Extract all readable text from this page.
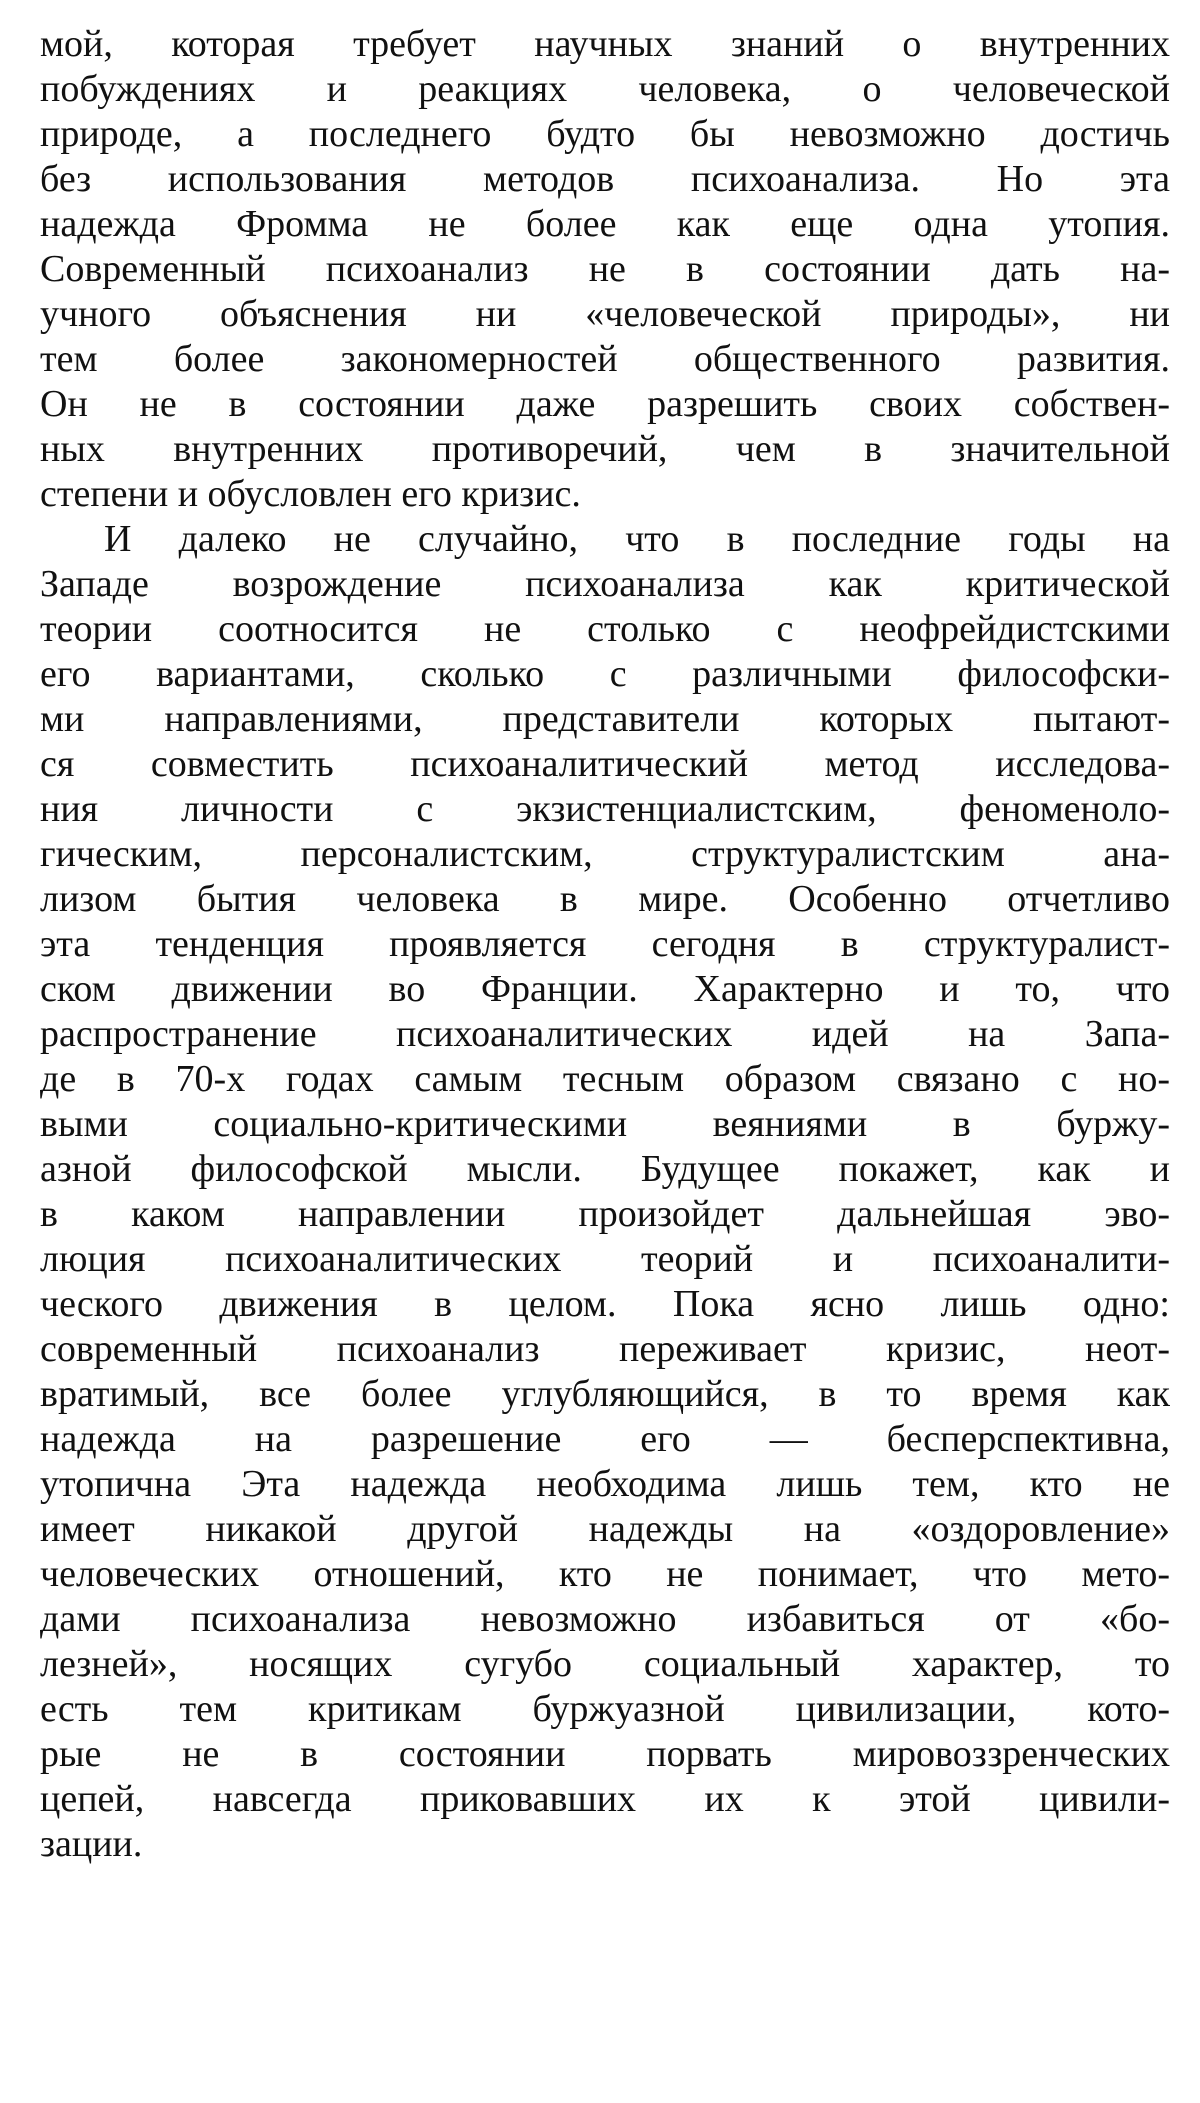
мой, которая требует научных знаний о внутренних
побуждениях и реакциях человека, о человеческой
природе, а последнего будто бы невозможно достичь
без использования методов психоанализа. Но эта
надежда Фромма не более как еще одна утопия.
Современный психоанализ не в состоянии дать на-
учного объяснения ни «человеческой природы», ни
тем более закономерностей общественного развития.
Он не в состоянии даже разрешить своих собствен-
ных внутренних противоречий, чем в значительной
степени и обусловлен его кризис.
И далеко не случайно, что в последние годы на
Западе возрождение психоанализа как критической
теории соотносится не столько с неофрейдистскими
его вариантами, сколько с различными философски-
ми направлениями, представители которых пытают-
ся совместить психоаналитический метод исследова-
ния личности с экзистенциалистским, феноменоло-
гическим, персоналистским, структуралистским ана-
лизом бытия человека в мире. Особенно отчетливо
эта тенденция проявляется сегодня в структуралист-
ском движении во Франции. Характерно и то, что
распространение психоаналитических идей на Запа-
де в 70-х годах самым тесным образом связано с но-
выми социально-критическими веяниями в буржу-
азной философской мысли. Будущее покажет, как и
в каком направлении произойдет дальнейшая эво-
люция психоаналитических теорий и психоаналити-
ческого движения в целом. Пока ясно лишь одно:
современный психоанализ переживает кризис, неот-
вратимый, все более углубляющийся, в то время как
надежда на разрешение его — бесперспективна,
утопична Эта надежда необходима лишь тем, кто не
имеет никакой другой надежды на «оздоровление»
человеческих отношений, кто не понимает, что мето-
дами психоанализа невозможно избавиться от «бо-
лезней», носящих сугубо социальный характер, то
есть тем критикам буржуазной цивилизации, кото-
рые не в состоянии порвать мировоззренческих
цепей, навсегда приковавших их к этой цивили-
зации.
